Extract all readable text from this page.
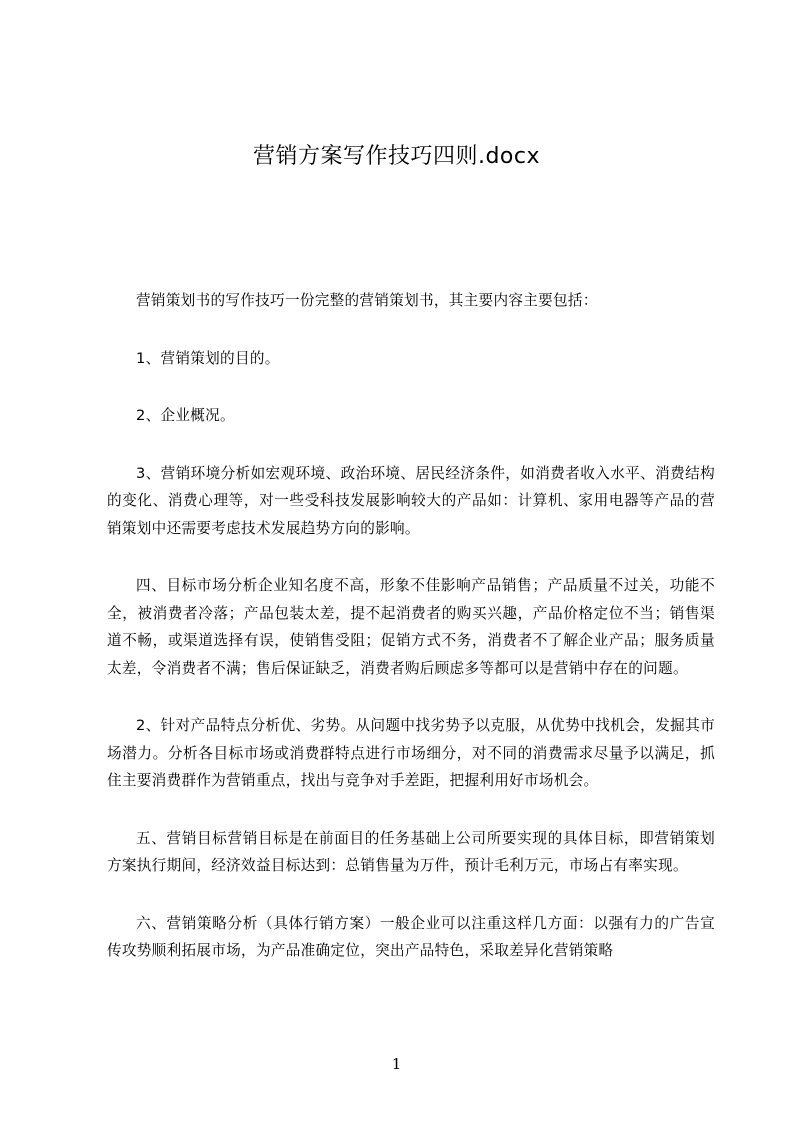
营销方案写作技巧四则.docx

营销策划书的写作技巧一份完整的营销策划书，其主要内容主要包括：

1、营销策划的目的。

2、企业概况。

3、营销环境分析如宏观环境、政治环境、居民经济条件，如消费者收入水平、消费结构的变化、消费心理等，对一些受科技发展影响较大的产品如：计算机、家用电器等产品的营销策划中还需要考虑技术发展趋势方向的影响。

四、目标市场分析企业知名度不高，形象不佳影响产品销售；产品质量不过关，功能不全，被消费者冷落；产品包装太差，提不起消费者的购买兴趣，产品价格定位不当；销售渠道不畅，或渠道选择有误，使销售受阻；促销方式不务，消费者不了解企业产品；服务质量太差，令消费者不满；售后保证缺乏，消费者购后顾虑多等都可以是营销中存在的问题。

2、针对产品特点分析优、劣势。从问题中找劣势予以克服，从优势中找机会，发掘其市场潜力。分析各目标市场或消费群特点进行市场细分，对不同的消费需求尽量予以满足，抓住主要消费群作为营销重点，找出与竞争对手差距，把握利用好市场机会。

五、营销目标营销目标是在前面目的任务基础上公司所要实现的具体目标，即营销策划方案执行期间，经济效益目标达到：总销售量为万件，预计毛利万元，市场占有率实现。

六、营销策略分析（具体行销方案）一般企业可以注重这样几方面：以强有力的广告宣传攻势顺利拓展市场，为产品准确定位，突出产品特色，采取差异化营销策略

1
